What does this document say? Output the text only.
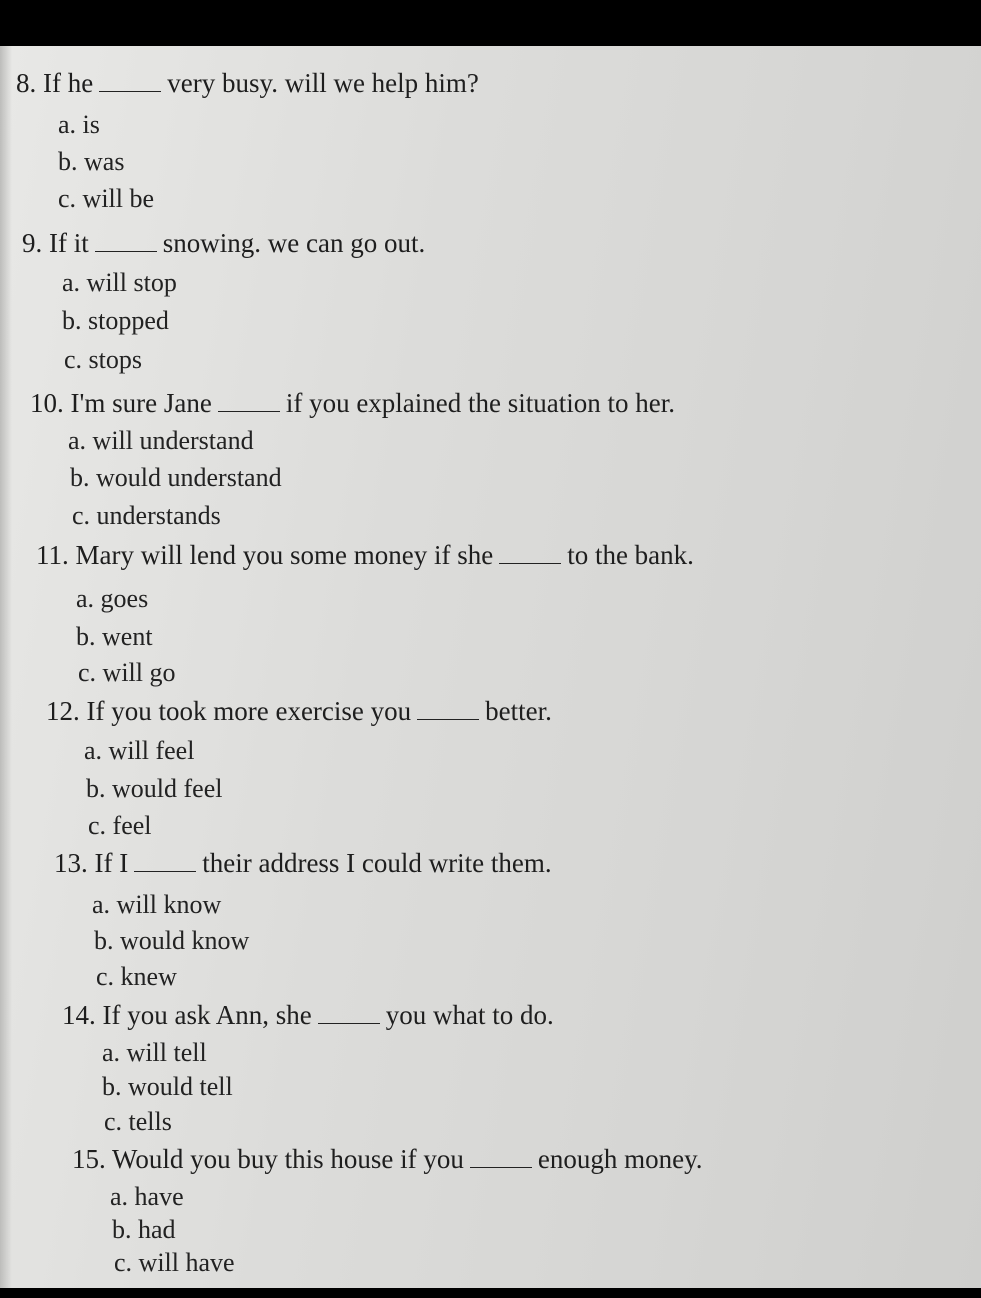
8. If he	very busy. will we help him?
a. is
b. was
c. will be
9. If it	snowing. we can go out.
a. will stop
b. stopped
c. stops
10. I'm sure Jane	if you explained the situation to her.
a. will understand
b. would understand
c. understands
11. Mary will lend you some money if she	to the bank.
a. goes
b. went
c. will go
12. If you took more exercise you	better.
a. will feel
b. would feel
c. feel
13. If I	their address I could write them.
a. will know
b. would know
c. knew
14. If you ask Ann, she	you what to do.
a. will tell
b. would tell
c. tells
15. Would you buy this house if you	enough money.
a. have
b. had
c. will have
